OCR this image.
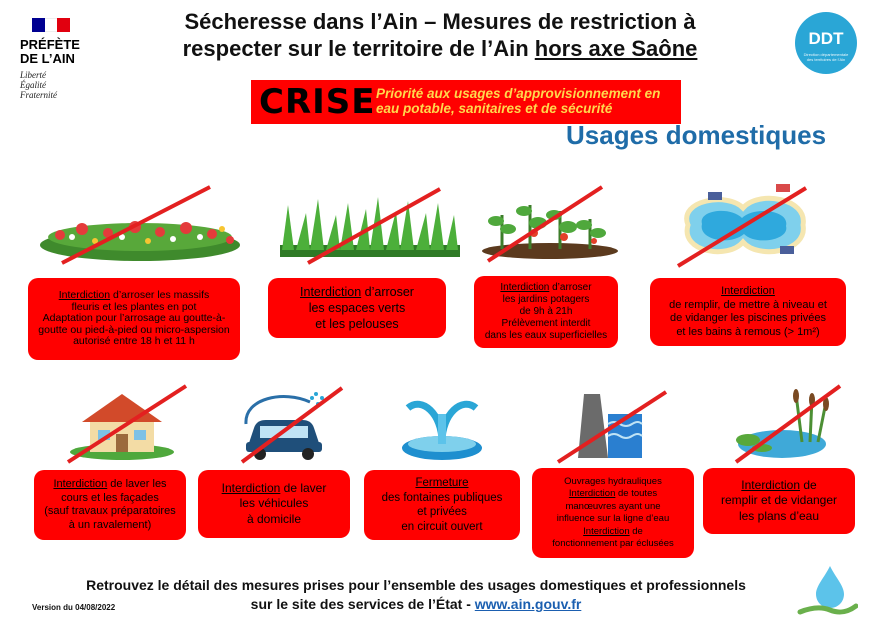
PRÉFÈTE
DE L’AIN
Liberté
Égalité
Fraternité
Sécheresse dans l’Ain – Mesures de restriction à
respecter sur le territoire de l’Ain hors axe Saône	DDT
Direction départementale des territoires de l’Ain
CRISE Priorité aux usages d’approvisionnement en
eau potable, sanitaires et de sécurité
Usages domestiques

Interdiction d’arroser les massifs

fleuris et les plantes en pot

Adaptation pour l’arrosage au goutte-à-

goutte ou pied-à-pied ou micro-aspersion

autorisé entre 18 h et 11 h

Interdiction d’arroser

les espaces verts

et les pelouses

Interdiction d’arroser

les jardins potagers

de 9h à 21h

Prélèvement interdit

dans les eaux superficielles

Interdiction

de remplir, de mettre à niveau et

de vidanger les piscines privées

et les bains à remous (> 1m²)

Interdiction de laver les

cours et les façades

(sauf travaux préparatoires

à un ravalement)

Interdiction de laver

les véhicules

à domicile

Fermeture

des fontaines publiques

et privées

en circuit ouvert

Ouvrages hydrauliques

Interdiction de toutes

manœuvres ayant une

influence sur la ligne d’eau

Interdiction de

fonctionnement par éclusées

Interdiction de

remplir et de vidanger

les plans d’eau

Retrouvez le détail des mesures prises pour l’ensemble des usages domestiques et professionnels
sur le site des services de l’État - www.ain.gouv.fr
Version du 04/08/2022
